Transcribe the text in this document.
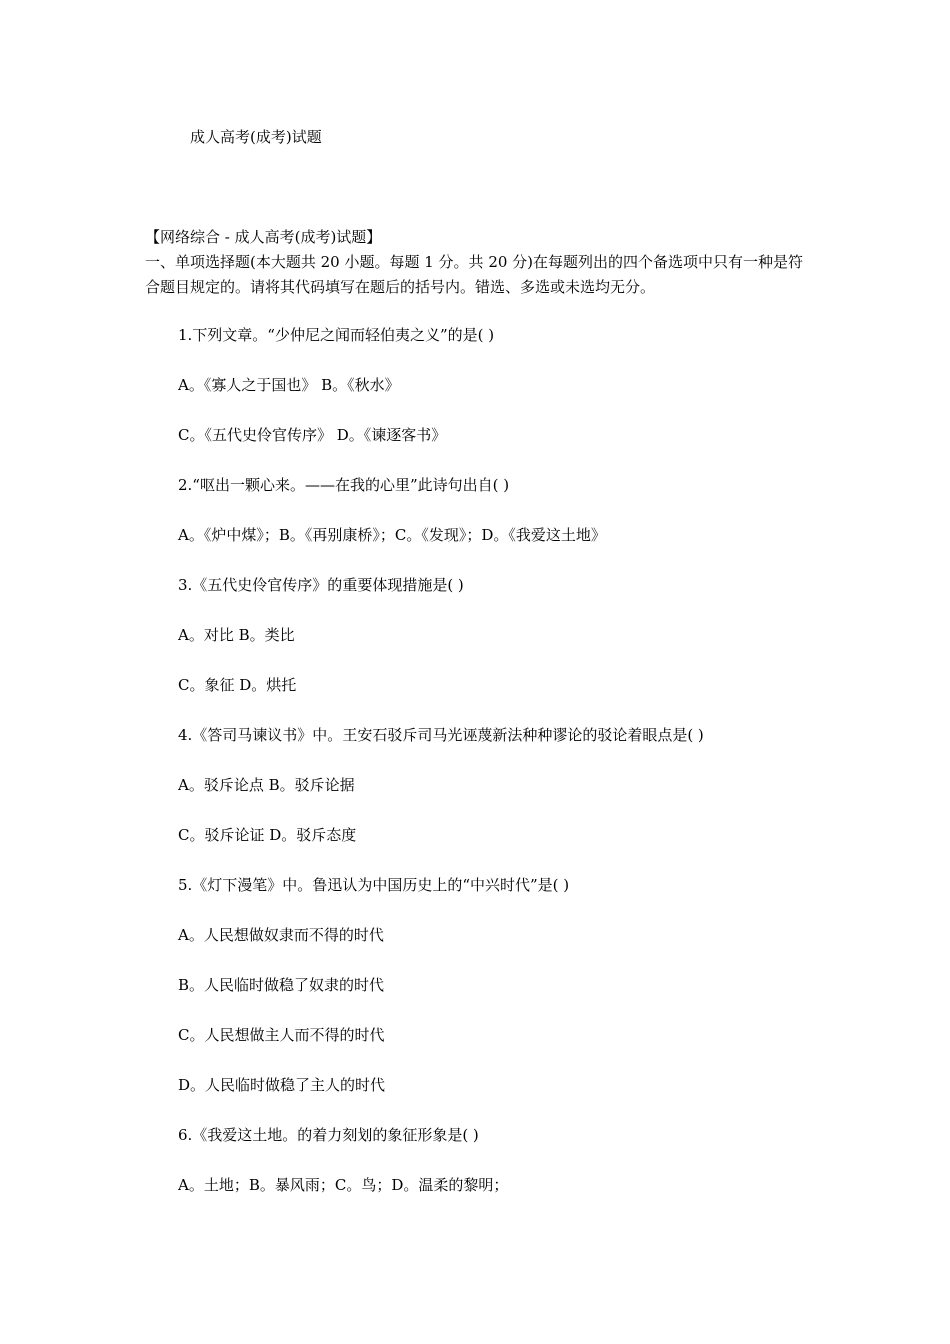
成人高考(成考)试题
【网络综合 - 成人高考(成考)试题】
一、单项选择题(本大题共 20 小题。每题 1 分。共 20 分)在每题列出的四个备选项中只有一种是符合题目规定的。请将其代码填写在题后的括号内。错选、多选或未选均无分。
1.下列文章。“少仲尼之闻而轻伯夷之义”的是( )
A。《寡人之于国也》 B。《秋水》
C。《五代史伶官传序》 D。《谏逐客书》
2.“呕出一颗心来。——在我的心里”此诗句出自( )
A。《炉中煤》；B。《再别康桥》；C。《发现》；D。《我爱这土地》
3.《五代史伶官传序》的重要体现措施是( )
A。对比 B。类比
C。象征 D。烘托
4.《答司马谏议书》中。王安石驳斥司马光诬蔑新法种种谬论的驳论着眼点是( )
A。驳斥论点 B。驳斥论据
C。驳斥论证 D。驳斥态度
5.《灯下漫笔》中。鲁迅认为中国历史上的“中兴时代”是( )
A。人民想做奴隶而不得的时代
B。人民临时做稳了奴隶的时代
C。人民想做主人而不得的时代
D。人民临时做稳了主人的时代
6.《我爱这土地。的着力刻划的象征形象是( )
A。土地；B。暴风雨；C。鸟；D。温柔的黎明；
